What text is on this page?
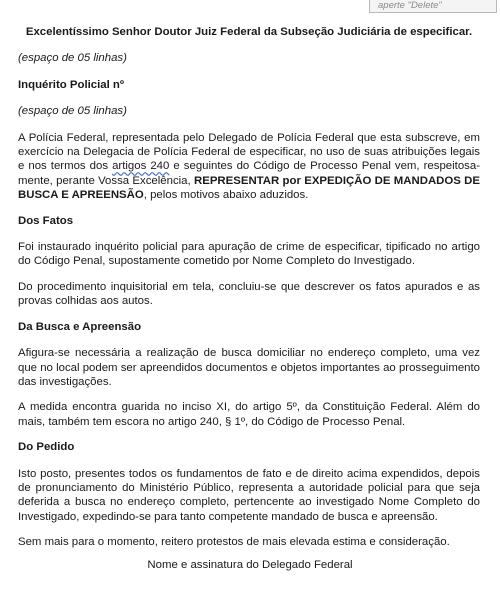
aperte "Delete"
Excelentíssimo Senhor Doutor Juiz Federal da Subseção Judiciária de especificar.
(espaço de 05 linhas)
Inquérito Policial nº
(espaço de 05 linhas)

A Polícia Federal, representada pelo Delegado de Polícia Federal que esta subscreve, em exercício na Delegacia de Polícia Federal de especificar, no uso de suas atribuições legais e nos termos dos artigos 240 e seguintes do Código de Processo Penal vem, respeitosa-mente, perante Vossa Excelência, REPRESENTAR por EXPEDIÇÃO DE MANDADOS DE BUSCA E APREENSÃO, pelos motivos abaixo aduzidos.

Dos Fatos

Foi instaurado inquérito policial para apuração de crime de especificar, tipificado no artigo do Código Penal, supostamente cometido por Nome Completo do Investigado.

Do procedimento inquisitorial em tela, concluiu-se que descrever os fatos apurados e as provas colhidas aos autos.

Da Busca e Apreensão

Afigura-se necessária a realização de busca domiciliar no endereço completo, uma vez que no local podem ser apreendidos documentos e objetos importantes ao prosseguimento das investigações.

A medida encontra guarida no inciso XI, do artigo 5º, da Constituição Federal. Além do mais, também tem escora no artigo 240, § 1º, do Código de Processo Penal.

Do Pedido

Isto posto, presentes todos os fundamentos de fato e de direito acima expendidos, depois de pronunciamento do Ministério Público, representa a autoridade policial para que seja deferida a busca no endereço completo, pertencente ao investigado Nome Completo do Investigado, expedindo-se para tanto competente mandado de busca e apreensão.

Sem mais para o momento, reitero protestos de mais elevada estima e consideração.

Nome e assinatura do Delegado Federal
